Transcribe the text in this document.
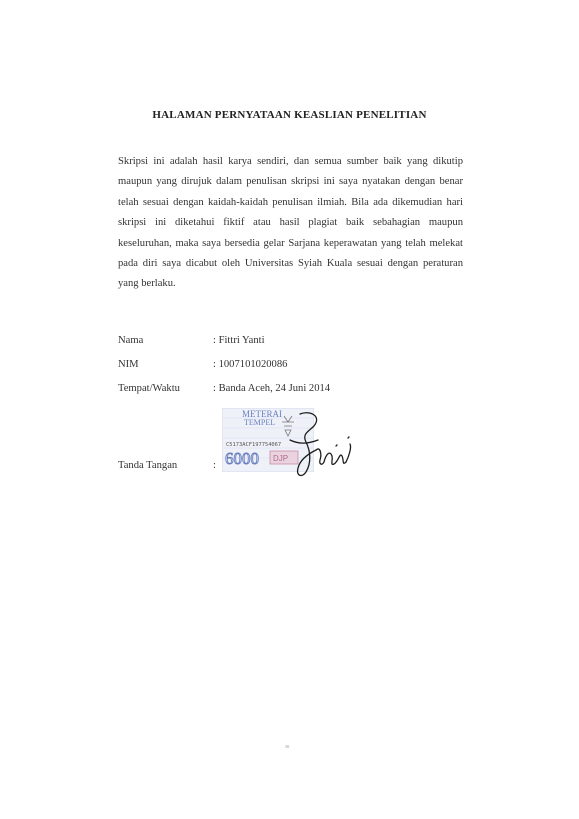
HALAMAN PERNYATAAN KEASLIAN PENELITIAN
Skripsi ini adalah hasil karya sendiri, dan semua sumber baik yang dikutip maupun yang dirujuk dalam penulisan skripsi ini saya nyatakan dengan benar telah sesuai dengan kaidah-kaidah penulisan ilmiah. Bila ada dikemudian hari skripsi ini diketahui fiktif atau hasil plagiat baik sebahagian maupun keseluruhan, maka saya bersedia gelar Sarjana keperawatan yang telah melekat pada diri saya dicabut oleh Universitas Syiah Kuala sesuai dengan peraturan yang berlaku.
Nama	: Fittri Yanti
NIM	: 1007101020086
Tempat/Waktu	: Banda Aceh, 24 Juni 2014
Tanda Tangan	:
METERAI
TEMPEL
C5173ACF197754067
6000 DJP
≡
